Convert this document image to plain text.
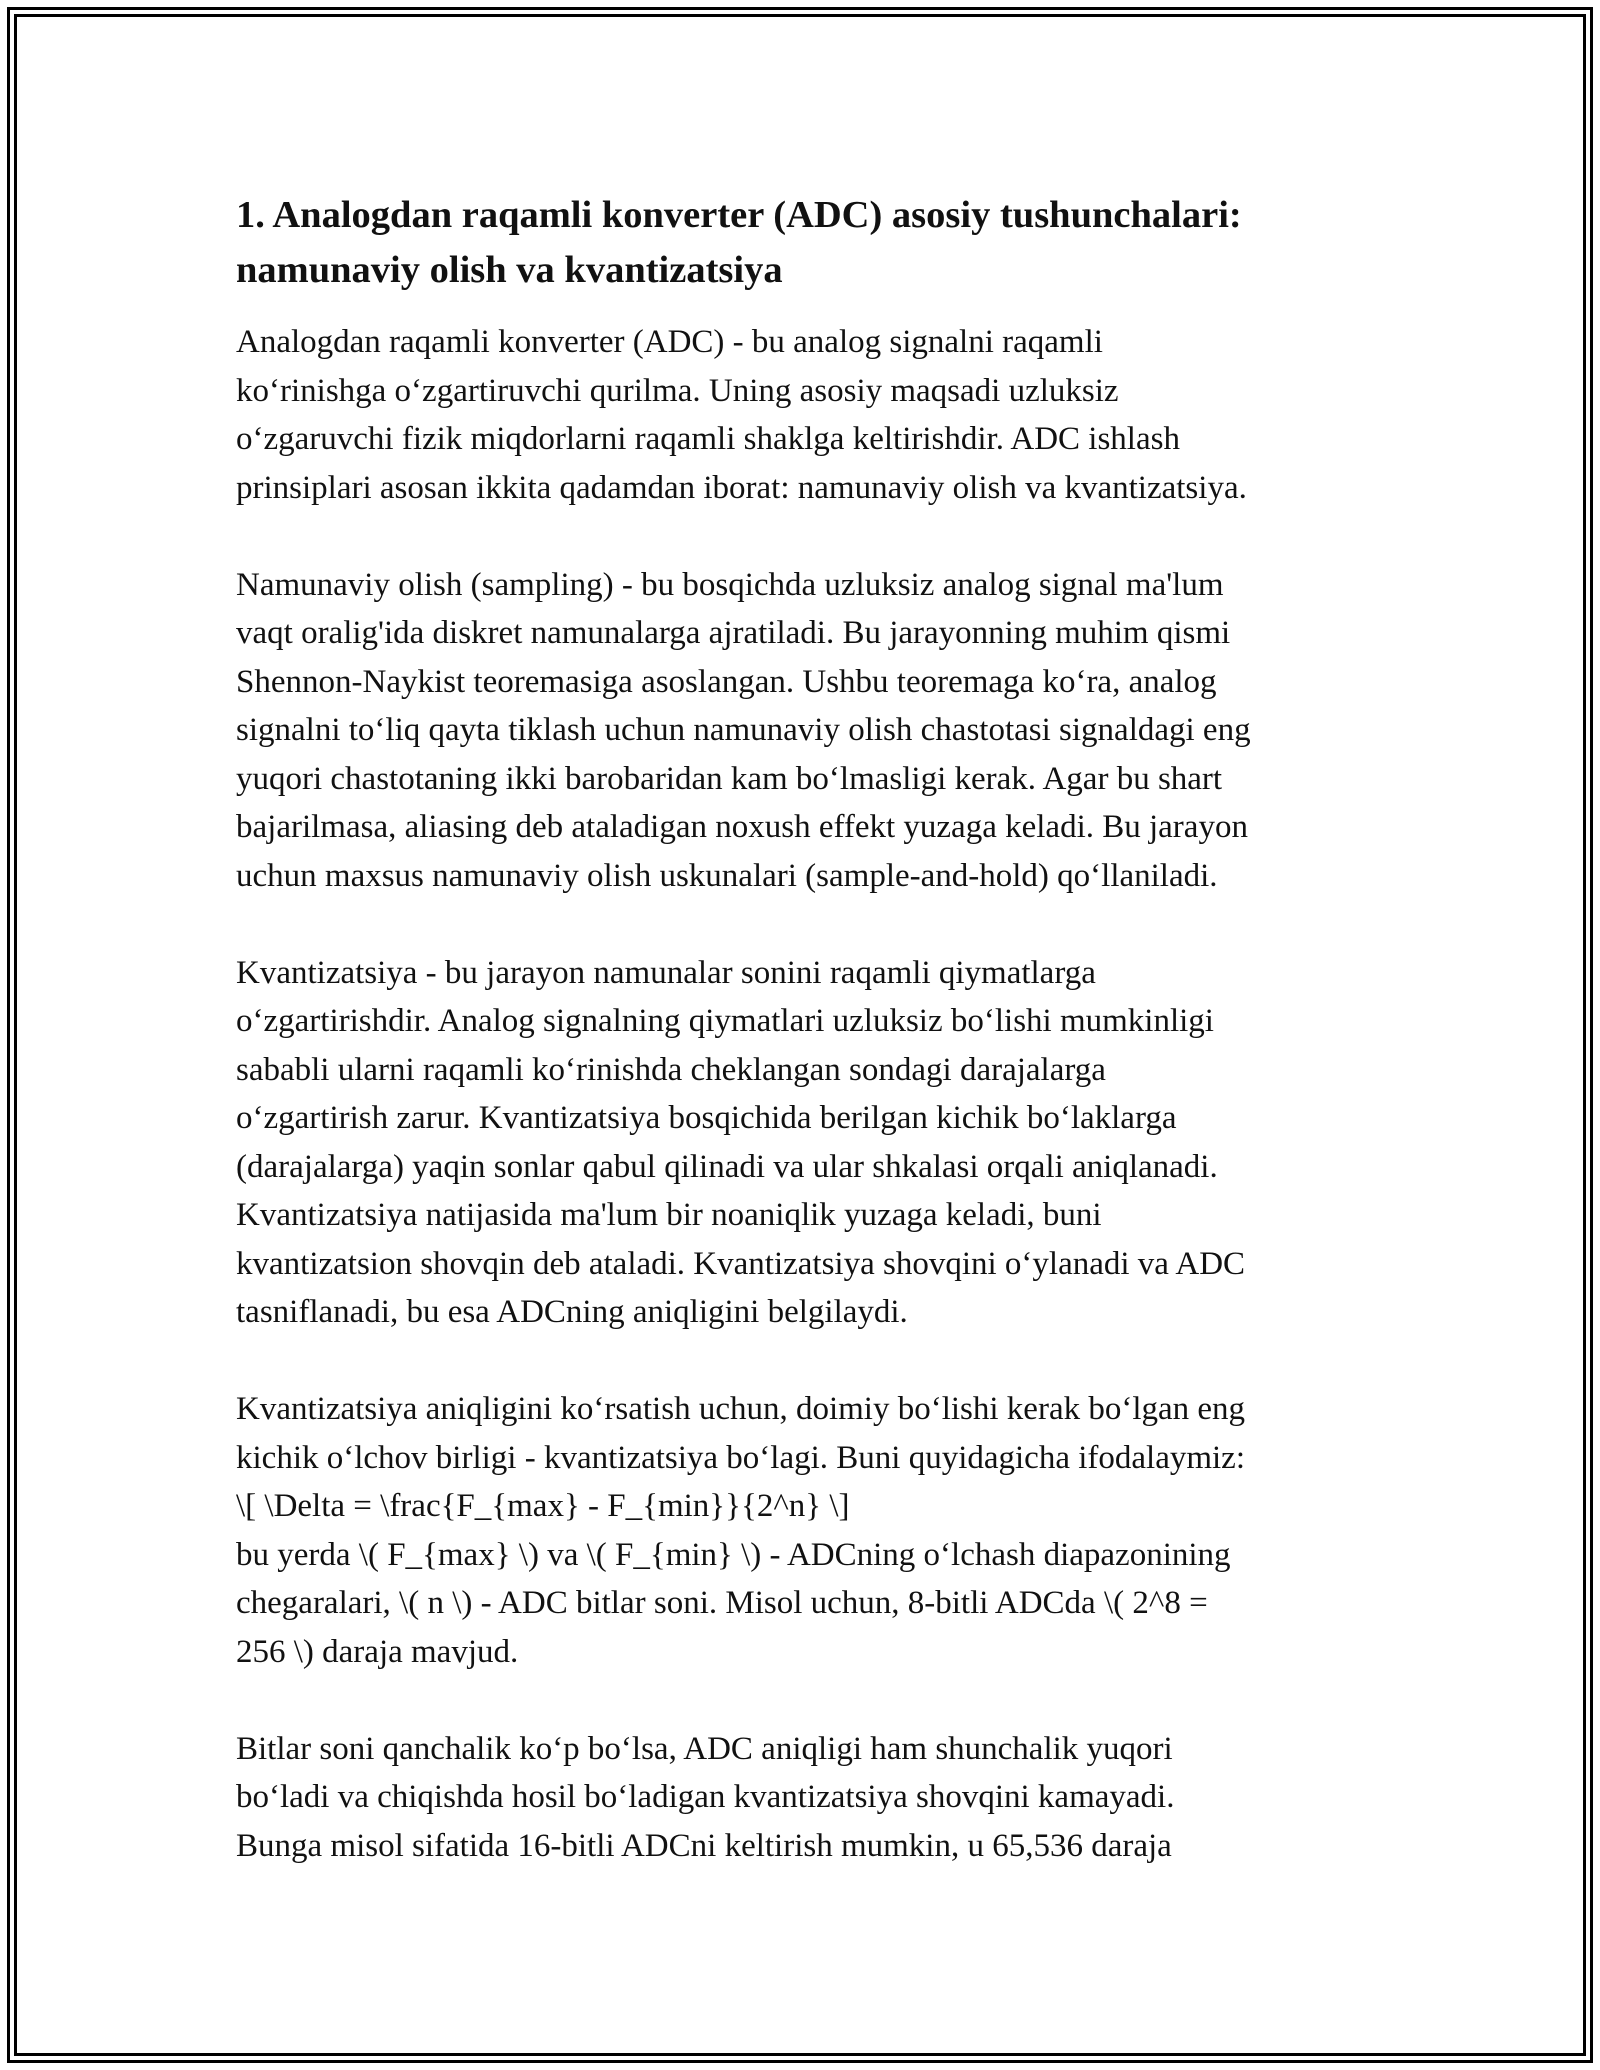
1. Analogdan raqamli konverter (ADC) asosiy tushunchalari:
namunaviy olish va kvantizatsiya
Analogdan raqamli konverter (ADC) - bu analog signalni raqamli
ko‘rinishga o‘zgartiruvchi qurilma. Uning asosiy maqsadi uzluksiz
o‘zgaruvchi fizik miqdorlarni raqamli shaklga keltirishdir. ADC ishlash
prinsiplari asosan ikkita qadamdan iborat: namunaviy olish va kvantizatsiya.
Namunaviy olish (sampling) - bu bosqichda uzluksiz analog signal ma'lum
vaqt oralig'ida diskret namunalarga ajratiladi. Bu jarayonning muhim qismi
Shennon-Naykist teoremasiga asoslangan. Ushbu teoremaga ko‘ra, analog
signalni to‘liq qayta tiklash uchun namunaviy olish chastotasi signaldagi eng
yuqori chastotaning ikki barobaridan kam bo‘lmasligi kerak. Agar bu shart
bajarilmasa, aliasing deb ataladigan noxush effekt yuzaga keladi. Bu jarayon
uchun maxsus namunaviy olish uskunalari (sample-and-hold) qo‘llaniladi.
Kvantizatsiya - bu jarayon namunalar sonini raqamli qiymatlarga
o‘zgartirishdir. Analog signalning qiymatlari uzluksiz bo‘lishi mumkinligi
sababli ularni raqamli ko‘rinishda cheklangan sondagi darajalarga
o‘zgartirish zarur. Kvantizatsiya bosqichida berilgan kichik bo‘laklarga
(darajalarga) yaqin sonlar qabul qilinadi va ular shkalasi orqali aniqlanadi.
Kvantizatsiya natijasida ma'lum bir noaniqlik yuzaga keladi, buni
kvantizatsion shovqin deb ataladi. Kvantizatsiya shovqini o‘ylanadi va ADC
tasniflanadi, bu esa ADCning aniqligini belgilaydi.
Kvantizatsiya aniqligini ko‘rsatish uchun, doimiy bo‘lishi kerak bo‘lgan eng
kichik o‘lchov birligi - kvantizatsiya bo‘lagi. Buni quyidagicha ifodalaymiz:
\[ \Delta = \frac{F_{max} - F_{min}}{2^n} \]
bu yerda \( F_{max} \) va \( F_{min} \) - ADCning o‘lchash diapazonining
chegaralari, \( n \) - ADC bitlar soni. Misol uchun, 8-bitli ADCda \( 2^8 =
256 \) daraja mavjud.
Bitlar soni qanchalik ko‘p bo‘lsa, ADC aniqligi ham shunchalik yuqori
bo‘ladi va chiqishda hosil bo‘ladigan kvantizatsiya shovqini kamayadi.
Bunga misol sifatida 16-bitli ADCni keltirish mumkin, u 65,536 daraja
